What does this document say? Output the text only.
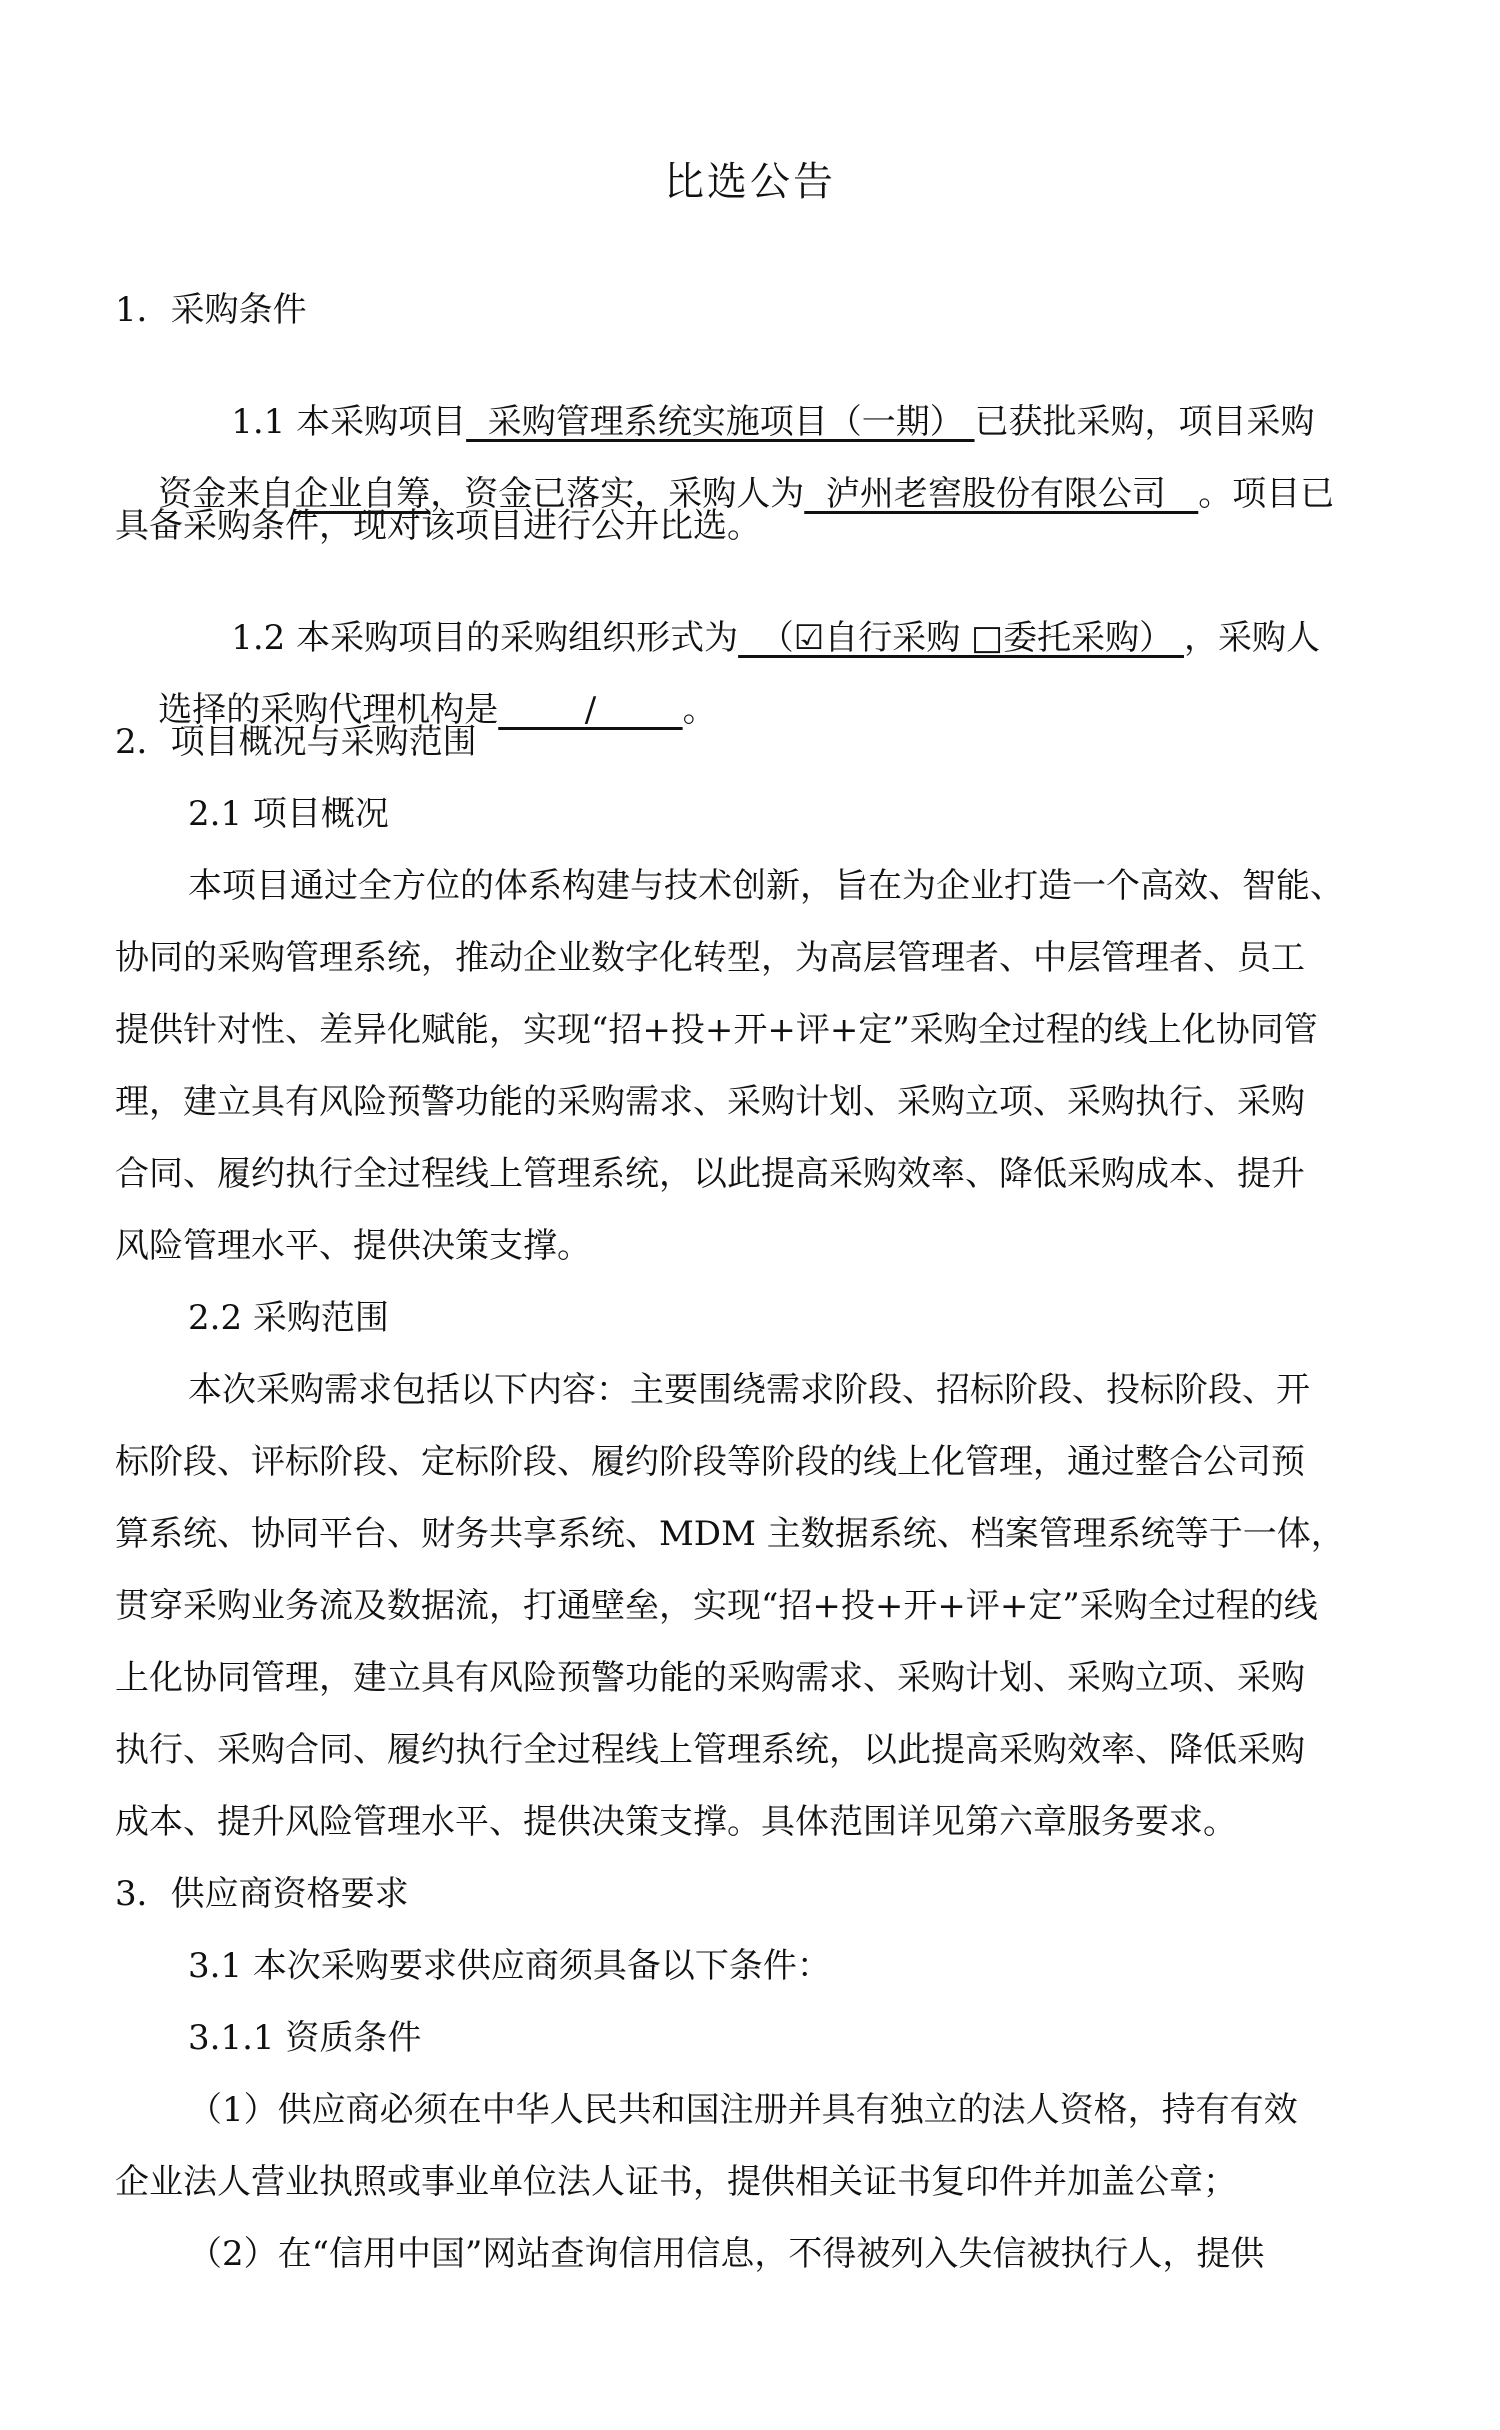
比选公告
1．采购条件

1.1 本采购项目  采购管理系统实施项目（一期） 已获批采购，项目采购

资金来自企业自筹，资金已落实，采购人为  泸州老窖股份有限公司   。项目已

具备采购条件，现对该项目进行公开比选。

1.2 本采购项目的采购组织形式为  （☑自行采购 □委托采购） ，采购人

选择的采购代理机构是        /        。

2．项目概况与采购范围
2.1 项目概况
本项目通过全方位的体系构建与技术创新，旨在为企业打造一个高效、智能、
协同的采购管理系统，推动企业数字化转型，为高层管理者、中层管理者、员工
提供针对性、差异化赋能，实现“招+投+开+评+定”采购全过程的线上化协同管
理，建立具有风险预警功能的采购需求、采购计划、采购立项、采购执行、采购
合同、履约执行全过程线上管理系统，以此提高采购效率、降低采购成本、提升
风险管理水平、提供决策支撑。
2.2 采购范围
本次采购需求包括以下内容：主要围绕需求阶段、招标阶段、投标阶段、开
标阶段、评标阶段、定标阶段、履约阶段等阶段的线上化管理，通过整合公司预
算系统、协同平台、财务共享系统、MDM 主数据系统、档案管理系统等于一体，
贯穿采购业务流及数据流，打通壁垒，实现“招+投+开+评+定”采购全过程的线
上化协同管理，建立具有风险预警功能的采购需求、采购计划、采购立项、采购
执行、采购合同、履约执行全过程线上管理系统，以此提高采购效率、降低采购
成本、提升风险管理水平、提供决策支撑。具体范围详见第六章服务要求。
3．供应商资格要求
3.1 本次采购要求供应商须具备以下条件：
3.1.1 资质条件
（1）供应商必须在中华人民共和国注册并具有独立的法人资格，持有有效
企业法人营业执照或事业单位法人证书，提供相关证书复印件并加盖公章；
（2）在“信用中国”网站查询信用信息，不得被列入失信被执行人，提供
